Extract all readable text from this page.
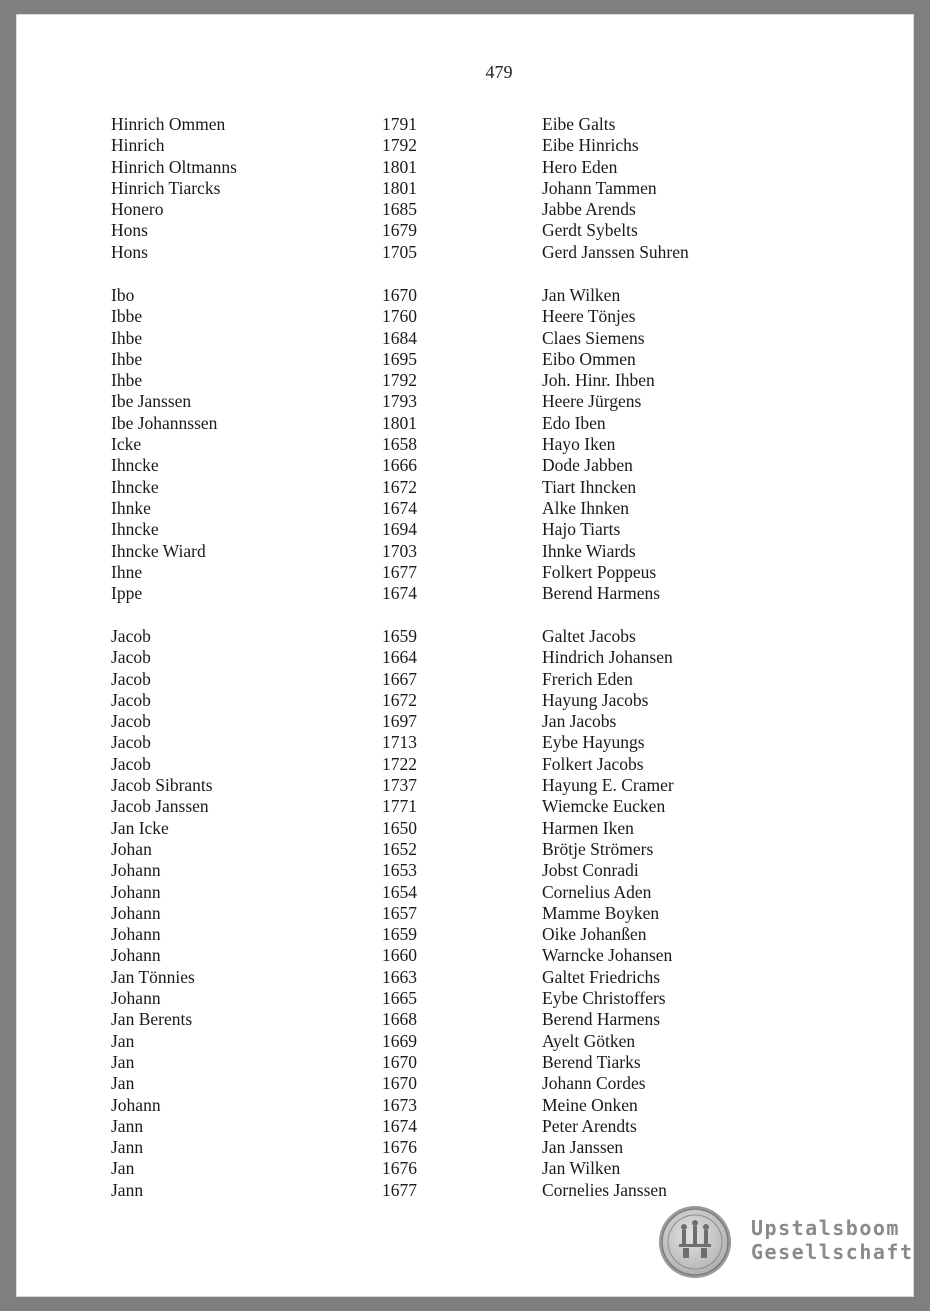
479
Hinrich Ommen	1791	Eibe Galts
Hinrich	1792	Eibe Hinrichs
Hinrich Oltmanns	1801	Hero Eden
Hinrich Tiarcks	1801	Johann Tammen
Honero	1685	Jabbe Arends
Hons	1679	Gerdt Sybelts
Hons	1705	Gerd Janssen Suhren
Ibo	1670	Jan Wilken
Ibbe	1760	Heere Tönjes
Ihbe	1684	Claes Siemens
Ihbe	1695	Eibo Ommen
Ihbe	1792	Joh. Hinr. Ihben
Ibe Janssen	1793	Heere Jürgens
Ibe Johannssen	1801	Edo Iben
Icke	1658	Hayo Iken
Ihncke	1666	Dode Jabben
Ihncke	1672	Tiart Ihncken
Ihnke	1674	Alke Ihnken
Ihncke	1694	Hajo Tiarts
Ihncke Wiard	1703	Ihnke Wiards
Ihne	1677	Folkert Poppeus
Ippe	1674	Berend Harmens
Jacob	1659	Galtet Jacobs
Jacob	1664	Hindrich Johansen
Jacob	1667	Frerich Eden
Jacob	1672	Hayung Jacobs
Jacob	1697	Jan Jacobs
Jacob	1713	Eybe Hayungs
Jacob	1722	Folkert Jacobs
Jacob Sibrants	1737	Hayung E. Cramer
Jacob Janssen	1771	Wiemcke Eucken
Jan Icke	1650	Harmen Iken
Johan	1652	Brötje Strömers
Johann	1653	Jobst Conradi
Johann	1654	Cornelius Aden
Johann	1657	Mamme Boyken
Johann	1659	Oike Johanßen
Johann	1660	Warncke Johansen
Jan Tönnies	1663	Galtet Friedrichs
Johann	1665	Eybe Christoffers
Jan Berents	1668	Berend Harmens
Jan	1669	Ayelt Götken
Jan	1670	Berend Tiarks
Jan	1670	Johann Cordes
Johann	1673	Meine Onken
Jann	1674	Peter Arendts
Jann	1676	Jan Janssen
Jan	1676	Jan Wilken
Jann	1677	Cornelies Janssen
Upstalsboom
Gesellschaft
